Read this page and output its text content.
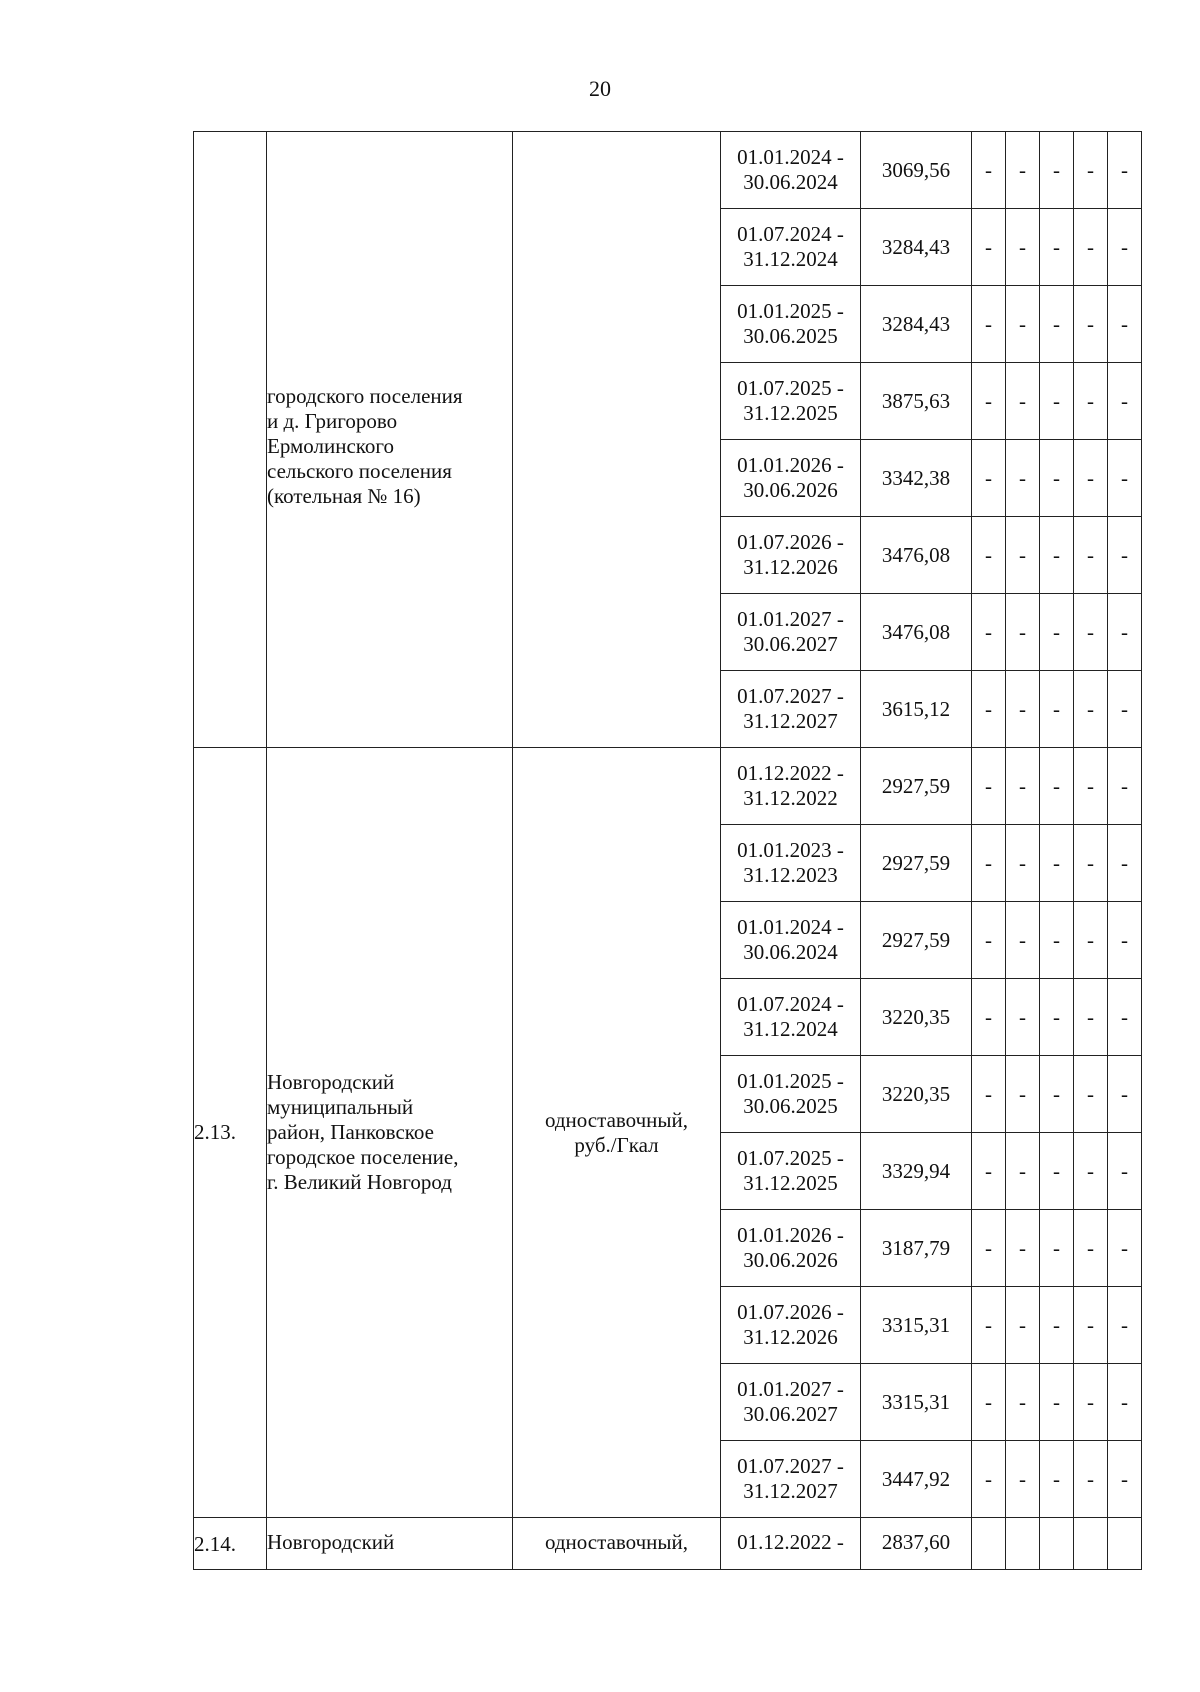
20

	городского поселения
и д. Григорово
Ермолинского
сельского поселения
(котельная № 16)		01.01.2024 -
30.06.2024	3069,56	-	-	-	-	-

			01.07.2024 -
31.12.2024	3284,43	-	-	-	-	-

			01.01.2025 -
30.06.2025	3284,43	-	-	-	-	-

			01.07.2025 -
31.12.2025	3875,63	-	-	-	-	-

			01.01.2026 -
30.06.2026	3342,38	-	-	-	-	-

			01.07.2026 -
31.12.2026	3476,08	-	-	-	-	-

			01.01.2027 -
30.06.2027	3476,08	-	-	-	-	-

			01.07.2027 -
31.12.2027	3615,12	-	-	-	-	-
2.13.	Новгородский
муниципальный
район, Панковское
городское поселение,
г. Великий Новгород	одноставочный,
руб./Гкал	01.12.2022 -
31.12.2022	2927,59	-	-	-	-	-

			01.01.2023 -
31.12.2023	2927,59	-	-	-	-	-

			01.01.2024 -
30.06.2024	2927,59	-	-	-	-	-

			01.07.2024 -
31.12.2024	3220,35	-	-	-	-	-

			01.01.2025 -
30.06.2025	3220,35	-	-	-	-	-

			01.07.2025 -
31.12.2025	3329,94	-	-	-	-	-

			01.01.2026 -
30.06.2026	3187,79	-	-	-	-	-

			01.07.2026 -
31.12.2026	3315,31	-	-	-	-	-

			01.01.2027 -
30.06.2027	3315,31	-	-	-	-	-

			01.07.2027 -
31.12.2027	3447,92	-	-	-	-	-
2.14.	Новгородский	одноставочный,	01.12.2022 -	2837,60					
